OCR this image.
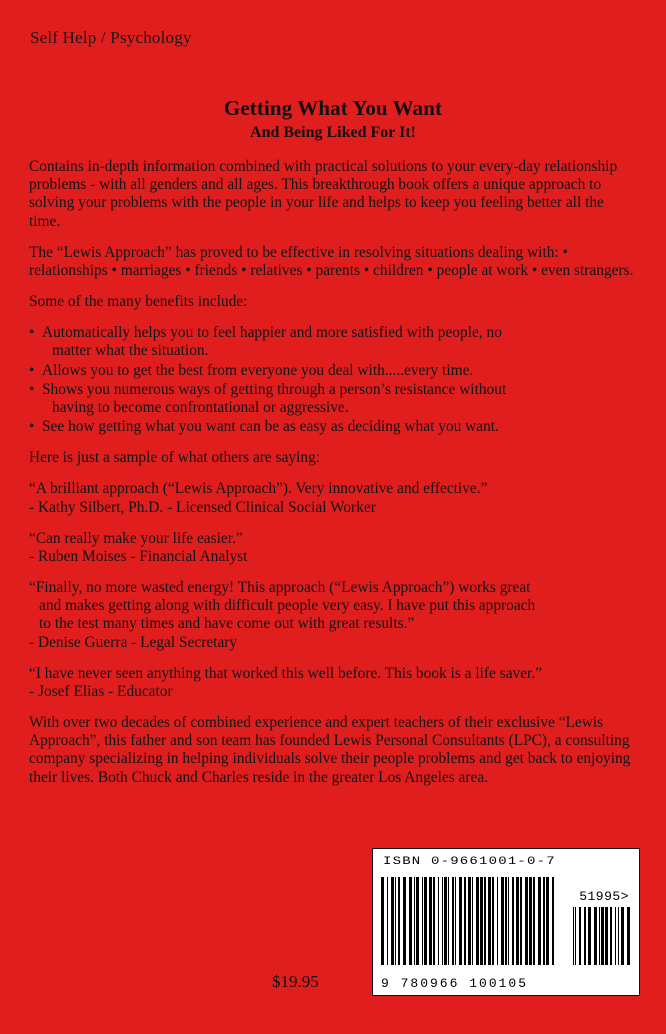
Self Help / Psychology
Getting What You Want
And Being Liked For It!

Contains in-depth information combined with practical solutions to your every-day relationship problems - with all genders and all ages. This breakthrough book offers a unique approach to solving your problems with the people in your life and helps to keep you feeling better all the time.

The “Lewis Approach” has proved to be effective in resolving situations dealing with: • relationships • marriages • friends • relatives • parents • children • people at work • even strangers.

Some of the many benefits include:

• Automatically helps you to feel happier and more satisfied with people, no
matter what the situation.
• Allows you to get the best from everyone you deal with.....every time.
• Shows you numerous ways of getting through a person’s resistance without
having to become confrontational or aggressive.
• See how getting what you want can be as easy as deciding what you want.

Here is just a sample of what others are saying:

“A brilliant approach (“Lewis Approach”). Very innovative and effective.”

- Kathy Silbert, Ph.D. - Licensed Clinical Social Worker

“Can really make your life easier.”

- Ruben Moises - Financial Analyst

“Finally, no more wasted energy! This approach (“Lewis Approach”) works great

and makes getting along with difficult people very easy. I have put this approach

to the test many times and have come out with great results.”

- Denise Guerra - Legal Secretary

“I have never seen anything that worked this well before. This book is a life saver.”

- Josef Elias - Educator

With over two decades of combined experience and expert teachers of their exclusive “Lewis Approach”, this father and son team has founded Lewis Personal Consultants (LPC), a consulting company specializing in helping individuals solve their people problems and get back to enjoying their lives. Both Chuck and Charles reside in the greater Los Angeles area.

$19.95
ISBN 0-9661001-0-7
51995>
9 780966 100105
